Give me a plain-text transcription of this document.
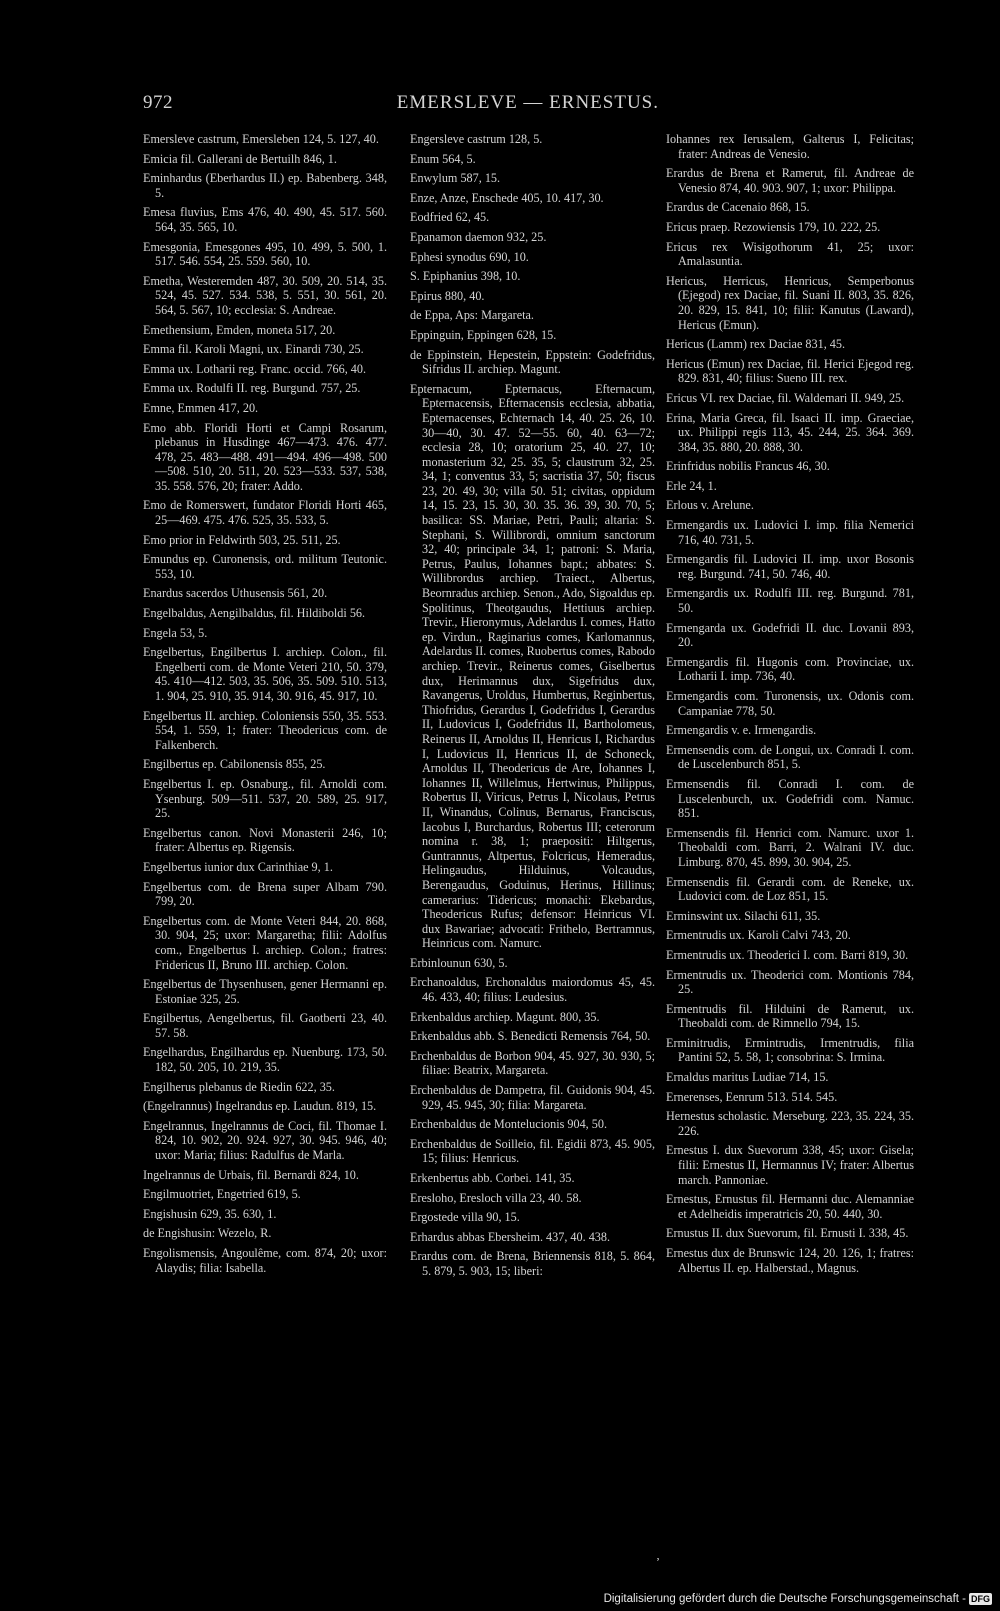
972	EMERSLEVE — ERNESTUS.

Emersleve castrum, Emersleben 124, 5. 127, 40.

Emicia fil. Gallerani de Bertuilh 846, 1.

Eminhardus (Eberhardus II.) ep. Babenberg. 348, 5.

Emesa fluvius, Ems 476, 40. 490, 45. 517. 560. 564, 35. 565, 10.

Emesgonia, Emesgones 495, 10. 499, 5. 500, 1. 517. 546. 554, 25. 559. 560, 10.

Emetha, Westeremden 487, 30. 509, 20. 514, 35. 524, 45. 527. 534. 538, 5. 551, 30. 561, 20. 564, 5. 567, 10; ecclesia: S. Andreae.

Emethensium, Emden, moneta 517, 20.

Emma fil. Karoli Magni, ux. Einardi 730, 25.

Emma ux. Lotharii reg. Franc. occid. 766, 40.

Emma ux. Rodulfi II. reg. Burgund. 757, 25.

Emne, Emmen 417, 20.

Emo abb. Floridi Horti et Campi Rosarum, plebanus in Husdinge 467—473. 476. 477. 478, 25. 483—488. 491—494. 496—498. 500—508. 510, 20. 511, 20. 523—533. 537, 538, 35. 558. 576, 20; frater: Addo.

Emo de Romerswert, fundator Floridi Horti 465, 25—469. 475. 476. 525, 35. 533, 5.

Emo prior in Feldwirth 503, 25. 511, 25.

Emundus ep. Curonensis, ord. militum Teutonic. 553, 10.

Enardus sacerdos Uthusensis 561, 20.

Engelbaldus, Aengilbaldus, fil. Hildiboldi 56.

Engela 53, 5.

Engelbertus, Engilbertus I. archiep. Colon., fil. Engelberti com. de Monte Veteri 210, 50. 379, 45. 410—412. 503, 35. 506, 35. 509. 510. 513, 1. 904, 25. 910, 35. 914, 30. 916, 45. 917, 10.

Engelbertus II. archiep. Coloniensis 550, 35. 553. 554, 1. 559, 1; frater: Theodericus com. de Falkenberch.

Engilbertus ep. Cabilonensis 855, 25.

Engelbertus I. ep. Osnaburg., fil. Arnoldi com. Ysenburg. 509—511. 537, 20. 589, 25. 917, 25.

Engelbertus canon. Novi Monasterii 246, 10; frater: Albertus ep. Rigensis.

Engelbertus iunior dux Carinthiae 9, 1.

Engelbertus com. de Brena super Albam 790. 799, 20.

Engelbertus com. de Monte Veteri 844, 20. 868, 30. 904, 25; uxor: Margaretha; filii: Adolfus com., Engelbertus I. archiep. Colon.; fratres: Fridericus II, Bruno III. archiep. Colon.

Engelbertus de Thysenhusen, gener Hermanni ep. Estoniae 325, 25.

Engilbertus, Aengelbertus, fil. Gaotberti 23, 40. 57. 58.

Engelhardus, Engilhardus ep. Nuenburg. 173, 50. 182, 50. 205, 10. 219, 35.

Engilherus plebanus de Riedin 622, 35.

(Engelrannus) Ingelrandus ep. Laudun. 819, 15.

Engelrannus, Ingelrannus de Coci, fil. Thomae I. 824, 10. 902, 20. 924. 927, 30. 945. 946, 40; uxor: Maria; filius: Radulfus de Marla.

Ingelrannus de Urbais, fil. Bernardi 824, 10.

Engilmuotriet, Engetried 619, 5.

Engishusin 629, 35. 630, 1.

de Engishusin: Wezelo, R.

Engolismensis, Angoulême, com. 874, 20; uxor: Alaydis; filia: Isabella.

Engersleve castrum 128, 5.

Enum 564, 5.

Enwylum 587, 15.

Enze, Anze, Enschede 405, 10. 417, 30.

Eodfried 62, 45.

Epanamon daemon 932, 25.

Ephesi synodus 690, 10.

S. Epiphanius 398, 10.

Epirus 880, 40.

de Eppa, Aps: Margareta.

Eppinguin, Eppingen 628, 15.

de Eppinstein, Hepestein, Eppstein: Godefridus, Sifridus II. archiep. Magunt.

Epternacum, Epternacus, Efternacum, Epternacensis, Efternacensis ecclesia, abbatia, Epternacenses, Echternach 14, 40. 25. 26, 10. 30—40, 30. 47. 52—55. 60, 40. 63—72; ecclesia 28, 10; oratorium 25, 40. 27, 10; monasterium 32, 25. 35, 5; claustrum 32, 25. 34, 1; conventus 33, 5; sacristia 37, 50; fiscus 23, 20. 49, 30; villa 50. 51; civitas, oppidum 14, 15. 23, 15. 30, 30. 35. 36. 39, 30. 70, 5; basilica: SS. Mariae, Petri, Pauli; altaria: S. Stephani, S. Willibrordi, omnium sanctorum 32, 40; principale 34, 1; patroni: S. Maria, Petrus, Paulus, Iohannes bapt.; abbates: S. Willibrordus archiep. Traiect., Albertus, Beornradus archiep. Senon., Ado, Sigoaldus ep. Spolitinus, Theotgaudus, Hettiuus archiep. Trevir., Hieronymus, Adelardus I. comes, Hatto ep. Virdun., Raginarius comes, Karlomannus, Adelardus II. comes, Ruobertus comes, Rabodo archiep. Trevir., Reinerus comes, Giselbertus dux, Herimannus dux, Sigefridus dux, Ravangerus, Uroldus, Humbertus, Reginbertus, Thiofridus, Gerardus I, Godefridus I, Gerardus II, Ludovicus I, Godefridus II, Bartholomeus, Reinerus II, Arnoldus II, Henricus I, Richardus I, Ludovicus II, Henricus II, de Schoneck, Arnoldus II, Theodericus de Are, Iohannes I, Iohannes II, Willelmus, Hertwinus, Philippus, Robertus II, Viricus, Petrus I, Nicolaus, Petrus II, Winandus, Colinus, Bernarus, Franciscus, Iacobus I, Burchardus, Robertus III; ceterorum nomina r. 38, 1; praepositi: Hiltgerus, Guntrannus, Altpertus, Folcricus, Hemeradus, Helingaudus, Hilduinus, Volcaudus, Berengaudus, Goduinus, Herinus, Hillinus; camerarius: Tidericus; monachi: Ekebardus, Theodericus Rufus; defensor: Heinricus VI. dux Bawariae; advocati: Frithelo, Bertramnus, Heinricus com. Namurc.

Erbinlounun 630, 5.

Erchanoaldus, Erchonaldus maiordomus 45, 45. 46. 433, 40; filius: Leudesius.

Erkenbaldus archiep. Magunt. 800, 35.

Erkenbaldus abb. S. Benedicti Remensis 764, 50.

Erchenbaldus de Borbon 904, 45. 927, 30. 930, 5; filiae: Beatrix, Margareta.

Erchenbaldus de Dampetra, fil. Guidonis 904, 45. 929, 45. 945, 30; filia: Margareta.

Erchenbaldus de Montelucionis 904, 50.

Erchenbaldus de Soilleio, fil. Egidii 873, 45. 905, 15; filius: Henricus.

Erkenbertus abb. Corbei. 141, 35.

Eresloho, Eresloch villa 23, 40. 58.

Ergostede villa 90, 15.

Erhardus abbas Ebersheim. 437, 40. 438.

Erardus com. de Brena, Briennensis 818, 5. 864, 5. 879, 5. 903, 15; liberi:

Iohannes rex Ierusalem, Galterus I, Felicitas; frater: Andreas de Venesio.

Erardus de Brena et Ramerut, fil. Andreae de Venesio 874, 40. 903. 907, 1; uxor: Philippa.

Erardus de Cacenaio 868, 15.

Ericus praep. Rezowiensis 179, 10. 222, 25.

Ericus rex Wisigothorum 41, 25; uxor: Amalasuntia.

Hericus, Herricus, Henricus, Semperbonus (Ejegod) rex Daciae, fil. Suani II. 803, 35. 826, 20. 829, 15. 841, 10; filii: Kanutus (Laward), Hericus (Emun).

Hericus (Lamm) rex Daciae 831, 45.

Hericus (Emun) rex Daciae, fil. Herici Ejegod reg. 829. 831, 40; filius: Sueno III. rex.

Ericus VI. rex Daciae, fil. Waldemari II. 949, 25.

Erina, Maria Greca, fil. Isaaci II. imp. Graeciae, ux. Philippi regis 113, 45. 244, 25. 364. 369. 384, 35. 880, 20. 888, 30.

Erinfridus nobilis Francus 46, 30.

Erle 24, 1.

Erlous v. Arelune.

Ermengardis ux. Ludovici I. imp. filia Nemerici 716, 40. 731, 5.

Ermengardis fil. Ludovici II. imp. uxor Bosonis reg. Burgund. 741, 50. 746, 40.

Ermengardis ux. Rodulfi III. reg. Burgund. 781, 50.

Ermengarda ux. Godefridi II. duc. Lovanii 893, 20.

Ermengardis fil. Hugonis com. Provinciae, ux. Lotharii I. imp. 736, 40.

Ermengardis com. Turonensis, ux. Odonis com. Campaniae 778, 50.

Ermengardis v. e. Irmengardis.

Ermensendis com. de Longui, ux. Conradi I. com. de Luscelenburch 851, 5.

Ermensendis fil. Conradi I. com. de Luscelenburch, ux. Godefridi com. Namuc. 851.

Ermensendis fil. Henrici com. Namurc. uxor 1. Theobaldi com. Barri, 2. Walrani IV. duc. Limburg. 870, 45. 899, 30. 904, 25.

Ermensendis fil. Gerardi com. de Reneke, ux. Ludovici com. de Loz 851, 15.

Erminswint ux. Silachi 611, 35.

Ermentrudis ux. Karoli Calvi 743, 20.

Ermentrudis ux. Theoderici I. com. Barri 819, 30.

Ermentrudis ux. Theoderici com. Montionis 784, 25.

Ermentrudis fil. Hilduini de Ramerut, ux. Theobaldi com. de Rimnello 794, 15.

Erminitrudis, Ermintrudis, Irmentrudis, filia Pantini 52, 5. 58, 1; consobrina: S. Irmina.

Ernaldus maritus Ludiae 714, 15.

Ernerenses, Eenrum 513. 514. 545.

Hernestus scholastic. Merseburg. 223, 35. 224, 35. 226.

Ernestus I. dux Suevorum 338, 45; uxor: Gisela; filii: Ernestus II, Hermannus IV; frater: Albertus march. Pannoniae.

Ernestus, Ernustus fil. Hermanni duc. Alemanniae et Adelheidis imperatricis 20, 50. 440, 30.

Ernustus II. dux Suevorum, fil. Ernusti I. 338, 45.

Ernestus dux de Brunswic 124, 20. 126, 1; fratres: Albertus II. ep. Halberstad., Magnus.

‚
Digitalisierung gefördert durch die Deutsche Forschungsgemeinschaft - DFG
